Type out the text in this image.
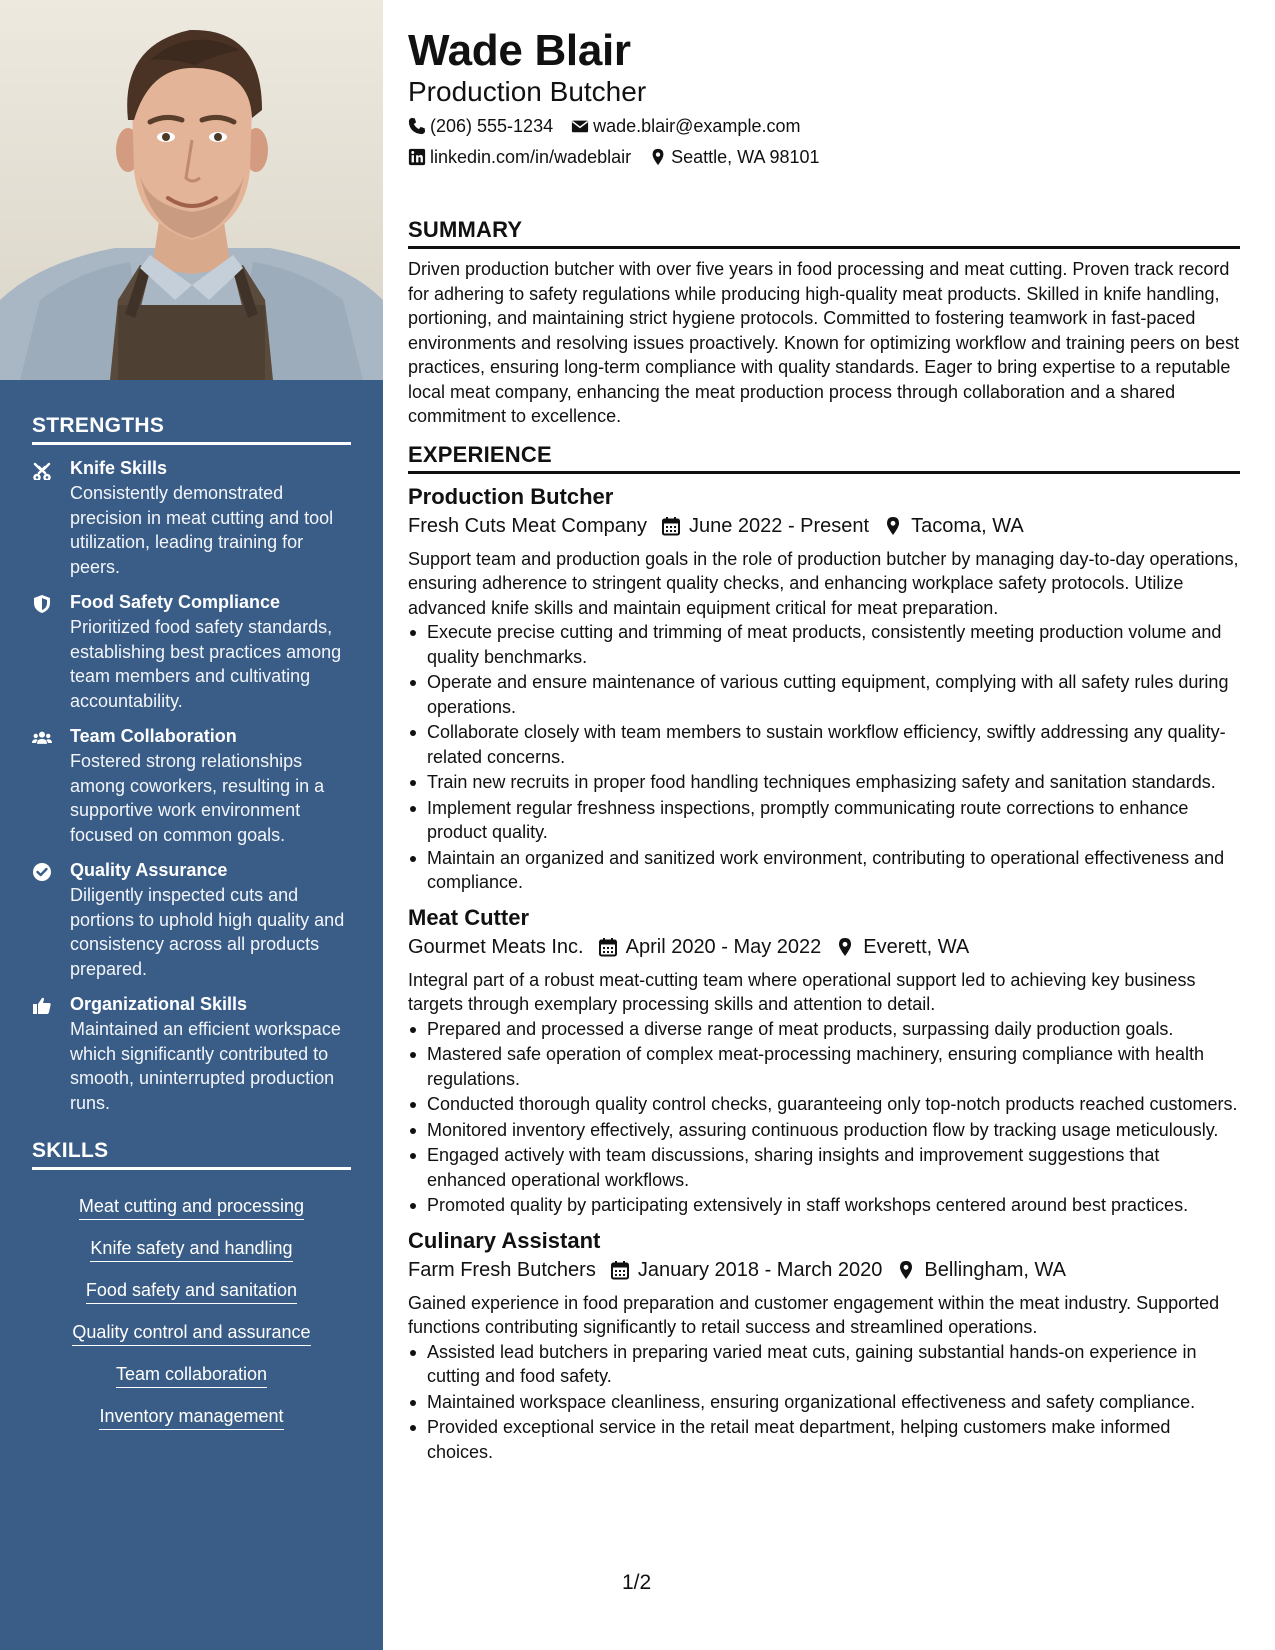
STRENGTHS
Knife Skills
Consistently demonstrated precision in meat cutting and tool utilization, leading training for peers.
Food Safety Compliance
Prioritized food safety standards, establishing best practices among team members and cultivating accountability.
Team Collaboration
Fostered strong relationships among coworkers, resulting in a supportive work environment focused on common goals.
Quality Assurance
Diligently inspected cuts and portions to uphold high quality and consistency across all products prepared.
Organizational Skills
Maintained an efficient workspace which significantly contributed to smooth, uninterrupted production runs.
SKILLS
Meat cutting and processing
Knife safety and handling
Food safety and sanitation
Quality control and assurance
Team collaboration
Inventory management
Wade Blair
Production Butcher
(206) 555-1234 wade.blair@example.com
linkedin.com/in/wadeblair Seattle, WA 98101
SUMMARY
Driven production butcher with over five years in food processing and meat cutting. Proven track record for adhering to safety regulations while producing high-quality meat products. Skilled in knife handling, portioning, and maintaining strict hygiene protocols. Committed to fostering teamwork in fast-paced environments and resolving issues proactively. Known for optimizing workflow and training peers on best practices, ensuring long-term compliance with quality standards. Eager to bring expertise to a reputable local meat company, enhancing the meat production process through collaboration and a shared commitment to excellence.
EXPERIENCE
Production Butcher
Fresh Cuts Meat Company June 2022 - Present Tacoma, WA
Support team and production goals in the role of production butcher by managing day-to-day operations, ensuring adherence to stringent quality checks, and enhancing workplace safety protocols. Utilize advanced knife skills and maintain equipment critical for meat preparation.
Execute precise cutting and trimming of meat products, consistently meeting production volume and quality benchmarks.
Operate and ensure maintenance of various cutting equipment, complying with all safety rules during operations.
Collaborate closely with team members to sustain workflow efficiency, swiftly addressing any quality-related concerns.
Train new recruits in proper food handling techniques emphasizing safety and sanitation standards.
Implement regular freshness inspections, promptly communicating route corrections to enhance product quality.
Maintain an organized and sanitized work environment, contributing to operational effectiveness and compliance.
Meat Cutter
Gourmet Meats Inc. April 2020 - May 2022 Everett, WA
Integral part of a robust meat-cutting team where operational support led to achieving key business targets through exemplary processing skills and attention to detail.
Prepared and processed a diverse range of meat products, surpassing daily production goals.
Mastered safe operation of complex meat-processing machinery, ensuring compliance with health regulations.
Conducted thorough quality control checks, guaranteeing only top-notch products reached customers.
Monitored inventory effectively, assuring continuous production flow by tracking usage meticulously.
Engaged actively with team discussions, sharing insights and improvement suggestions that enhanced operational workflows.
Promoted quality by participating extensively in staff workshops centered around best practices.
Culinary Assistant
Farm Fresh Butchers January 2018 - March 2020 Bellingham, WA
Gained experience in food preparation and customer engagement within the meat industry. Supported functions contributing significantly to retail success and streamlined operations.
Assisted lead butchers in preparing varied meat cuts, gaining substantial hands-on experience in cutting and food safety.
Maintained workspace cleanliness, ensuring organizational effectiveness and safety compliance.
Provided exceptional service in the retail meat department, helping customers make informed choices.
1/2
